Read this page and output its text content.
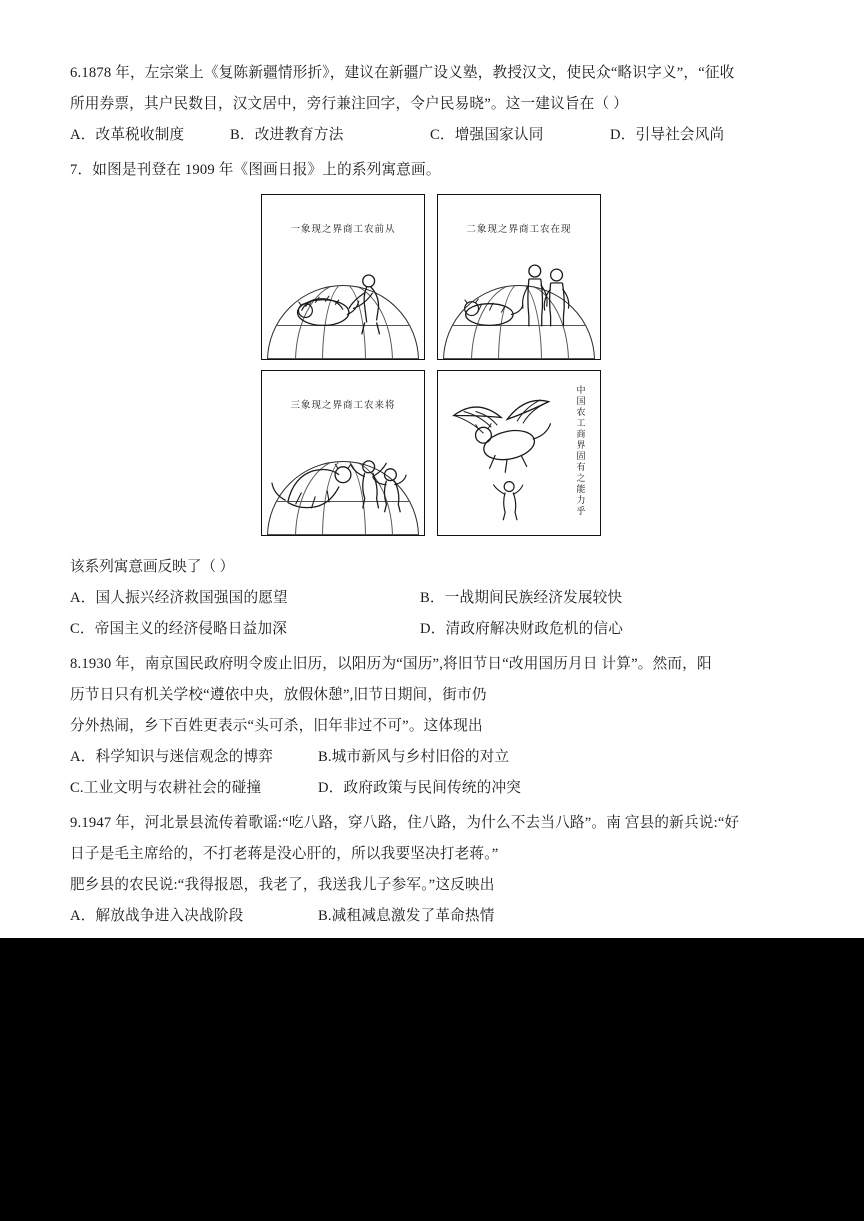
6.1878 年，左宗棠上《复陈新疆情形折》，建议在新疆广设义塾，教授汉文，使民众“略识字义”，“征收
所用券票，其户民数目，汉文居中，旁行兼注回字，令户民易晓”。这一建议旨在（ ）
A．改革税收制度	B．改进教育方法	C．增强国家认同	D．引导社会风尚
7．如图是刊登在 1909 年《图画日报》上的系列寓意画。
一象现之界商工农前从	二象现之界商工农在现
三象现之界商工农来将
中国农工商界固有之能力乎
该系列寓意画反映了（ ）
A．国人振兴经济救国强国的愿望	B．一战期间民族经济发展较快
C．帝国主义的经济侵略日益加深	D．清政府解决财政危机的信心
8.1930 年，南京国民政府明令废止旧历，以阳历为“国历”,将旧节日“改用国历月日 计算”。然而，阳
历节日只有机关学校“遵依中央，放假休憩”,旧节日期间，街市仍
分外热闹，乡下百姓更表示“头可杀，旧年非过不可”。这体现出
A．科学知识与迷信观念的博弈	B.城市新风与乡村旧俗的对立
C.工业文明与农耕社会的碰撞	D．政府政策与民间传统的冲突
9.1947 年，河北景县流传着歌谣:“吃八路，穿八路，住八路，为什么不去当八路”。南 宫县的新兵说:“好
日子是毛主席给的，不打老蒋是没心肝的，所以我要坚决打老蒋。”
肥乡县的农民说:“我得报恩，我老了，我送我儿子参军。”这反映出
A．解放战争进入决战阶段	B.减租减息激发了革命热情
